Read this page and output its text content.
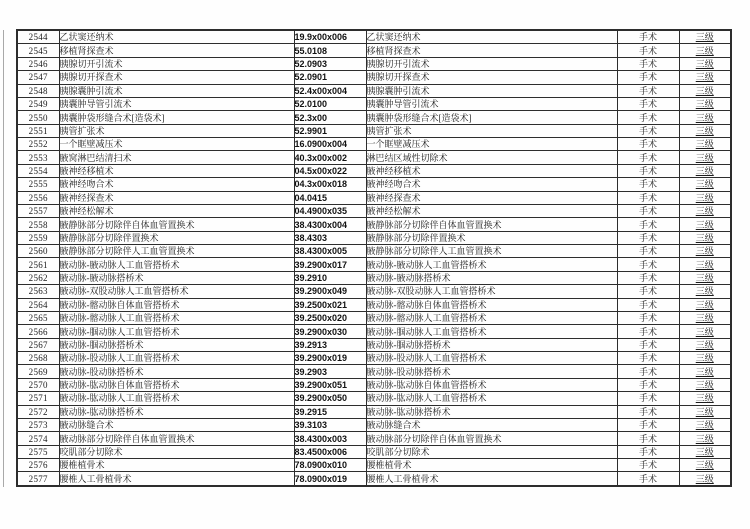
2544	乙状窦还纳术	19.9x00x006	乙状窦还纳术	手术	三级
2545	移植肾探查术	55.0108	移植肾探查术	手术	三级
2546	胰腺切开引流术	52.0903	胰腺切开引流术	手术	三级
2547	胰腺切开探查术	52.0901	胰腺切开探查术	手术	三级
2548	胰腺囊肿引流术	52.4x00x004	胰腺囊肿引流术	手术	三级
2549	胰囊肿导管引流术	52.0100	胰囊肿导管引流术	手术	三级
2550	胰囊肿袋形缝合术[造袋术]	52.3x00	胰囊肿袋形缝合术[造袋术]	手术	三级
2551	胰管扩张术	52.9901	胰管扩张术	手术	三级
2552	一个眶壁减压术	16.0900x004	一个眶壁减压术	手术	三级
2553	腋窝淋巴结清扫术	40.3x00x002	淋巴结区域性切除术	手术	三级
2554	腋神经移植术	04.5x00x022	腋神经移植术	手术	三级
2555	腋神经吻合术	04.3x00x018	腋神经吻合术	手术	三级
2556	腋神经探查术	04.0415	腋神经探查术	手术	三级
2557	腋神经松解术	04.4900x035	腋神经松解术	手术	三级
2558	腋静脉部分切除伴自体血管置换术	38.4300x004	腋静脉部分切除伴自体血管置换术	手术	三级
2559	腋静脉部分切除伴置换术	38.4303	腋静脉部分切除伴置换术	手术	三级
2560	腋静脉部分切除伴人工血管置换术	38.4300x005	腋静脉部分切除伴人工血管置换术	手术	三级
2561	腋动脉-腋动脉人工血管搭桥术	39.2900x017	腋动脉-腋动脉人工血管搭桥术	手术	三级
2562	腋动脉-腋动脉搭桥术	39.2910	腋动脉-腋动脉搭桥术	手术	三级
2563	腋动脉-双股动脉人工血管搭桥术	39.2900x049	腋动脉-双股动脉人工血管搭桥术	手术	三级
2564	腋动脉-髂动脉自体血管搭桥术	39.2500x021	腋动脉-髂动脉自体血管搭桥术	手术	三级
2565	腋动脉-髂动脉人工血管搭桥术	39.2500x020	腋动脉-髂动脉人工血管搭桥术	手术	三级
2566	腋动脉-腘动脉人工血管搭桥术	39.2900x030	腋动脉-腘动脉人工血管搭桥术	手术	三级
2567	腋动脉-腘动脉搭桥术	39.2913	腋动脉-腘动脉搭桥术	手术	三级
2568	腋动脉-股动脉人工血管搭桥术	39.2900x019	腋动脉-股动脉人工血管搭桥术	手术	三级
2569	腋动脉-股动脉搭桥术	39.2903	腋动脉-股动脉搭桥术	手术	三级
2570	腋动脉-肱动脉自体血管搭桥术	39.2900x051	腋动脉-肱动脉自体血管搭桥术	手术	三级
2571	腋动脉-肱动脉人工血管搭桥术	39.2900x050	腋动脉-肱动脉人工血管搭桥术	手术	三级
2572	腋动脉-肱动脉搭桥术	39.2915	腋动脉-肱动脉搭桥术	手术	三级
2573	腋动脉缝合术	39.3103	腋动脉缝合术	手术	三级
2574	腋动脉部分切除伴自体血管置换术	38.4300x003	腋动脉部分切除伴自体血管置换术	手术	三级
2575	咬肌部分切除术	83.4500x006	咬肌部分切除术	手术	三级
2576	腰椎植骨术	78.0900x010	腰椎植骨术	手术	三级
2577	腰椎人工骨植骨术	78.0900x019	腰椎人工骨植骨术	手术	三级
